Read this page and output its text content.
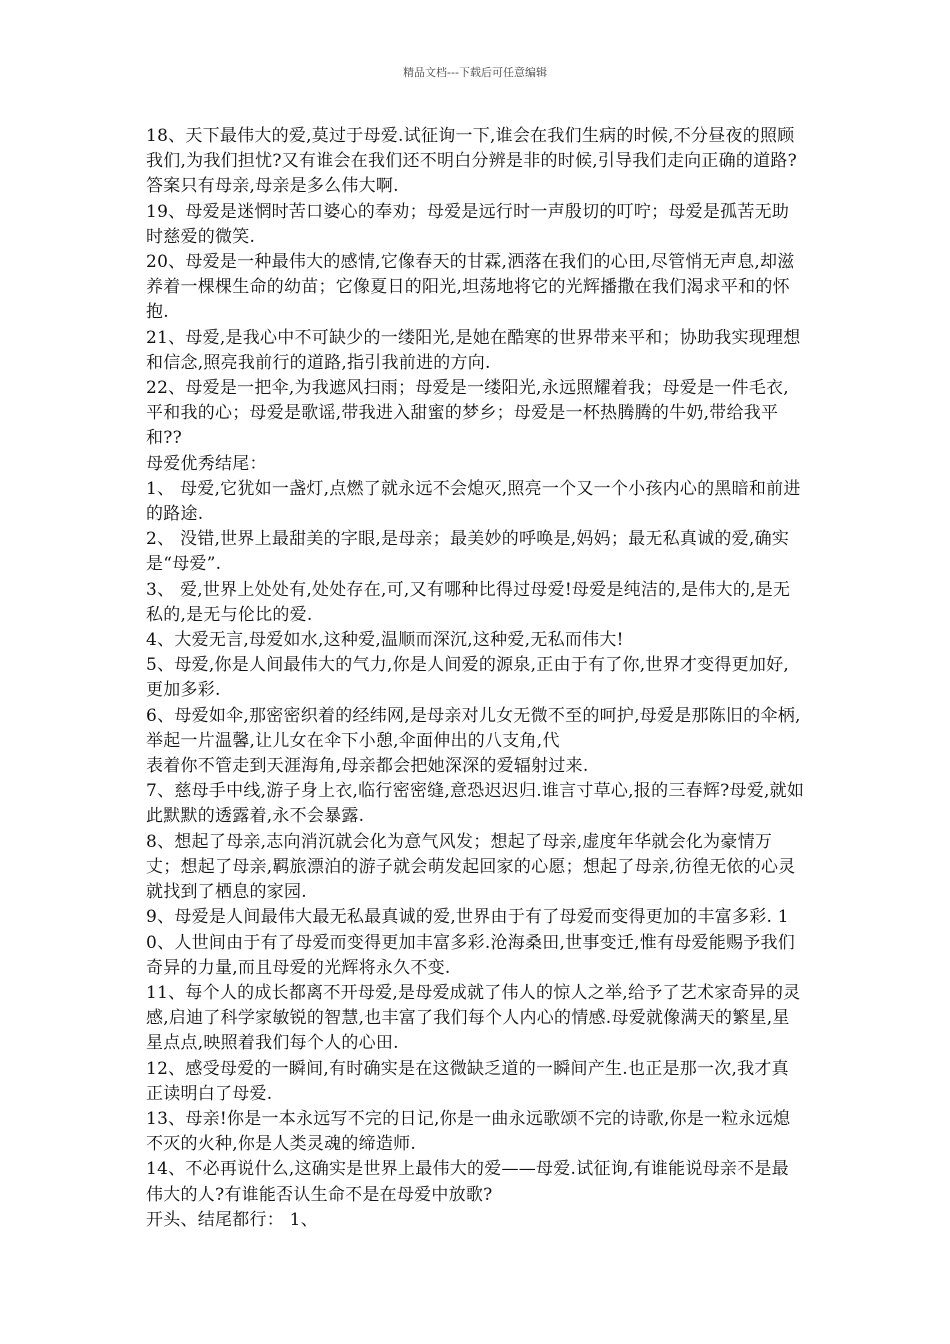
精品文档---下载后可任意编辑

18、天下最伟大的爱,莫过于母爱.试征询一下,谁会在我们生病的时候,不分昼夜的照顾我们,为我们担忧?又有谁会在我们还不明白分辨是非的时候,引导我们走向正确的道路?答案只有母亲,母亲是多么伟大啊.

19、母爱是迷惘时苦口婆心的奉劝；母爱是远行时一声殷切的叮咛；母爱是孤苦无助时慈爱的微笑.

20、母爱是一种最伟大的感情,它像春天的甘霖,洒落在我们的心田,尽管悄无声息,却滋养着一棵棵生命的幼苗；它像夏日的阳光,坦荡地将它的光辉播撒在我们渴求平和的怀抱.

21、母爱,是我心中不可缺少的一缕阳光,是她在酷寒的世界带来平和；协助我实现理想和信念,照亮我前行的道路,指引我前进的方向.

22、母爱是一把伞,为我遮风扫雨；母爱是一缕阳光,永远照耀着我；母爱是一件毛衣,平和我的心；母爱是歌谣,带我进入甜蜜的梦乡；母爱是一杯热腾腾的牛奶,带给我平和??

母爱优秀结尾：

1、 母爱,它犹如一盏灯,点燃了就永远不会熄灭,照亮一个又一个小孩内心的黑暗和前进的路途.

2、 没错,世界上最甜美的字眼,是母亲；最美妙的呼唤是,妈妈；最无私真诚的爱,确实是“母爱”.

3、 爱,世界上处处有,处处存在,可,又有哪种比得过母爱!母爱是纯洁的,是伟大的,是无私的,是无与伦比的爱.

4、大爱无言,母爱如水,这种爱,温顺而深沉,这种爱,无私而伟大!

5、母爱,你是人间最伟大的气力,你是人间爱的源泉,正由于有了你,世界才变得更加好,更加多彩.

6、母爱如伞,那密密织着的经纬网,是母亲对儿女无微不至的呵护,母爱是那陈旧的伞柄,举起一片温馨,让儿女在伞下小憩,伞面伸出的八支角,代

表着你不管走到天涯海角,母亲都会把她深深的爱辐射过来.

7、慈母手中线,游子身上衣,临行密密缝,意恐迟迟归.谁言寸草心,报的三春辉?母爱,就如此默默的透露着,永不会暴露.

8、想起了母亲,志向消沉就会化为意气风发；想起了母亲,虚度年华就会化为豪情万丈；想起了母亲,羁旅漂泊的游子就会萌发起回家的心愿；想起了母亲,彷徨无依的心灵就找到了栖息的家园.

9、母爱是人间最伟大最无私最真诚的爱,世界由于有了母爱而变得更加的丰富多彩. 10、人世间由于有了母爱而变得更加丰富多彩.沧海桑田,世事变迁,惟有母爱能赐予我们奇异的力量,而且母爱的光辉将永久不变.

11、每个人的成长都离不开母爱,是母爱成就了伟人的惊人之举,给予了艺术家奇异的灵感,启迪了科学家敏锐的智慧,也丰富了我们每个人内心的情感.母爱就像满天的繁星,星星点点,映照着我们每个人的心田.

12、感受母爱的一瞬间,有时确实是在这微缺乏道的一瞬间产生.也正是那一次,我才真正读明白了母爱.

13、母亲!你是一本永远写不完的日记,你是一曲永远歌颂不完的诗歌,你是一粒永远熄不灭的火种,你是人类灵魂的缔造师.

14、不必再说什么,这确实是世界上最伟大的爱——母爱.试征询,有谁能说母亲不是最伟大的人?有谁能否认生命不是在母爱中放歌?

开头、结尾都行： 1、
